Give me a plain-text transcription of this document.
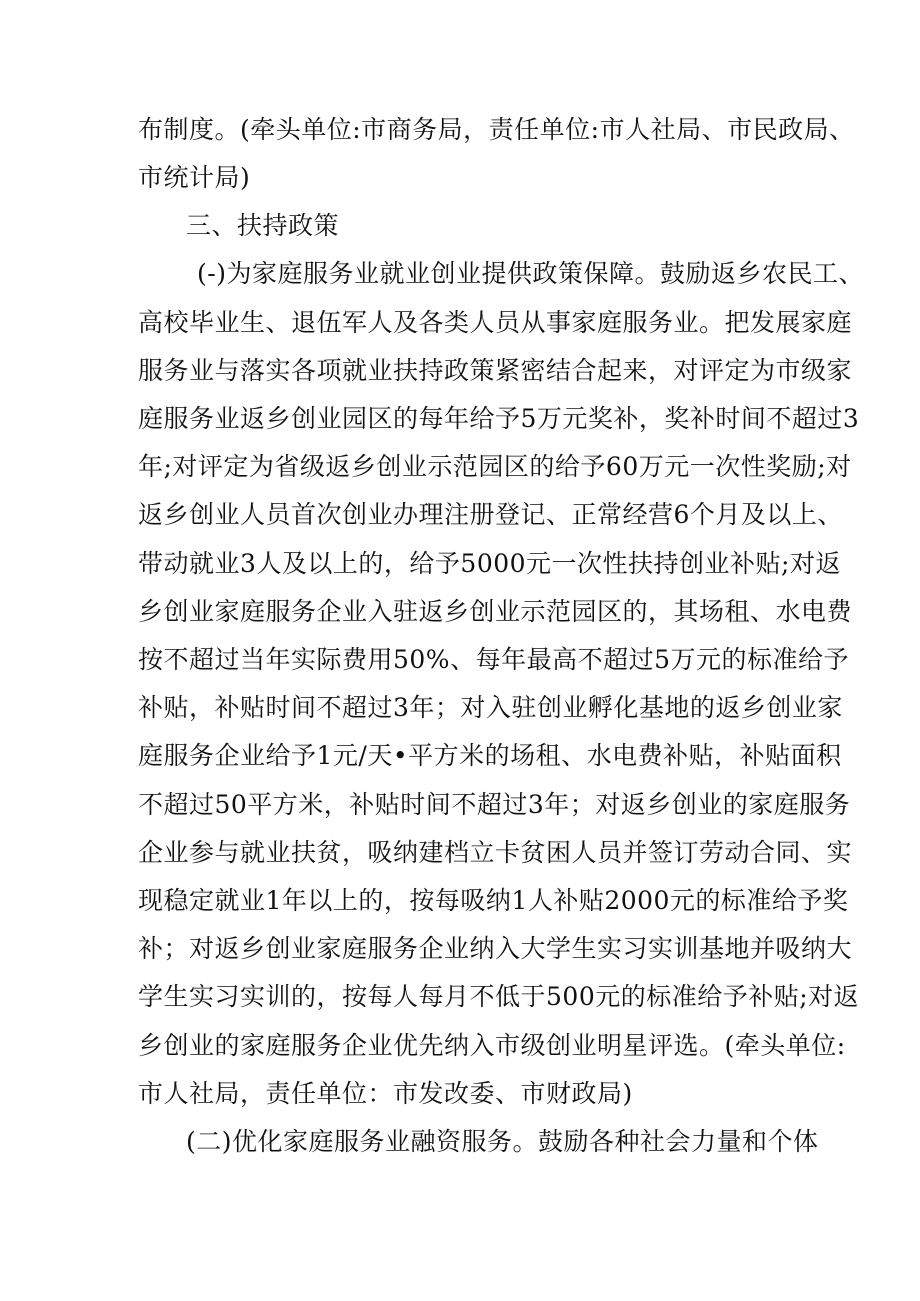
布制度。(牵头单位:市商务局，责任单位:市人社局、市民政局、
市统计局)
三、扶持政策
(-)为家庭服务业就业创业提供政策保障。鼓励返乡农民工、
高校毕业生、退伍军人及各类人员从事家庭服务业。把发展家庭
服务业与落实各项就业扶持政策紧密结合起来，对评定为市级家
庭服务业返乡创业园区的每年给予5万元奖补，奖补时间不超过3
年;对评定为省级返乡创业示范园区的给予60万元一次性奖励;对
返乡创业人员首次创业办理注册登记、正常经营6个月及以上、
带动就业3人及以上的，给予5000元一次性扶持创业补贴;对返
乡创业家庭服务企业入驻返乡创业示范园区的，其场租、水电费
按不超过当年实际费用50%、每年最高不超过5万元的标准给予
补贴，补贴时间不超过3年；对入驻创业孵化基地的返乡创业家
庭服务企业给予1元/天•平方米的场租、水电费补贴，补贴面积
不超过50平方米，补贴时间不超过3年；对返乡创业的家庭服务
企业参与就业扶贫，吸纳建档立卡贫困人员并签订劳动合同、实
现稳定就业1年以上的，按每吸纳1人补贴2000元的标准给予奖
补；对返乡创业家庭服务企业纳入大学生实习实训基地并吸纳大
学生实习实训的，按每人每月不低于500元的标准给予补贴;对返
乡创业的家庭服务企业优先纳入市级创业明星评选。(牵头单位:
市人社局，责任单位：市发改委、市财政局)
(二)优化家庭服务业融资服务。鼓励各种社会力量和个体
